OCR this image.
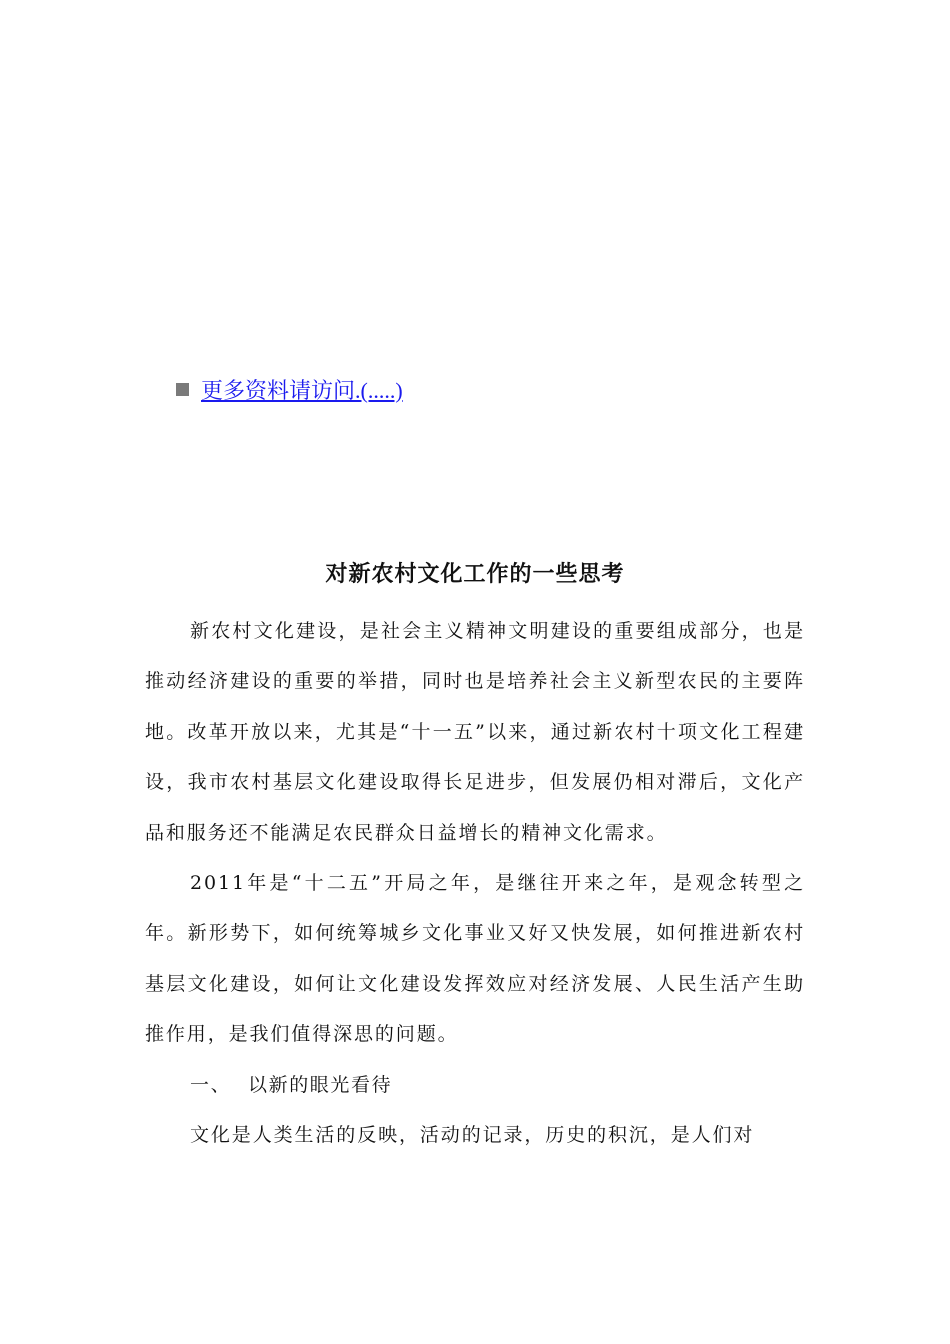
更多资料请访问.(.....)
对新农村文化工作的一些思考

新农村文化建设，是社会主义精神文明建设的重要组成部分，也是推动经济建设的重要的举措，同时也是培养社会主义新型农民的主要阵地。改革开放以来，尤其是“十一五”以来，通过新农村十项文化工程建设，我市农村基层文化建设取得长足进步，但发展仍相对滞后，文化产品和服务还不能满足农民群众日益增长的精神文化需求。

2011年是“十二五”开局之年，是继往开来之年，是观念转型之年。新形势下，如何统筹城乡文化事业又好又快发展，如何推进新农村基层文化建设，如何让文化建设发挥效应对经济发展、人民生活产生助推作用，是我们值得深思的问题。

一、 以新的眼光看待

文化是人类生活的反映，活动的记录，历史的积沉，是人们对
